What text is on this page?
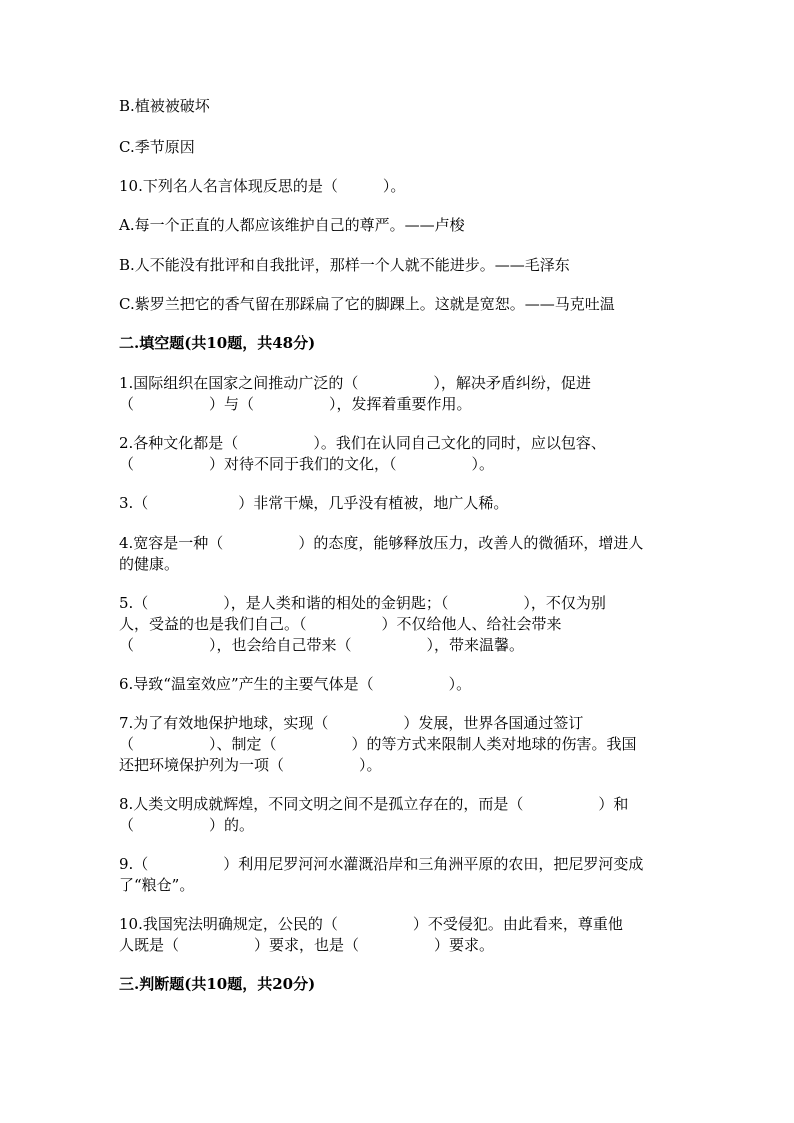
B.植被被破坏
C.季节原因
10.下列名人名言体现反思的是（　　　）。
A.每一个正直的人都应该维护自己的尊严。——卢梭
B.人不能没有批评和自我批评，那样一个人就不能进步。——毛泽东
C.紫罗兰把它的香气留在那踩扁了它的脚踝上。这就是宽恕。——马克吐温
二.填空题(共10题，共48分)
1.国际组织在国家之间推动广泛的（　　　　　），解决矛盾纠纷，促进
（　　　　　）与（　　　　　），发挥着重要作用。
2.各种文化都是（　　　　　）。我们在认同自己文化的同时，应以包容、
（　　　　　）对待不同于我们的文化，（　　　　　）。
3.（　　　　　　）非常干燥，几乎没有植被，地广人稀。
4.宽容是一种（　　　　　）的态度，能够释放压力，改善人的微循环，增进人
的健康。
5.（　　　　　），是人类和谐的相处的金钥匙；（　　　　　），不仅为别
人，受益的也是我们自己。（　　　　　）不仅给他人、给社会带来
（　　　　　），也会给自己带来（　　　　　），带来温馨。
6.导致“温室效应”产生的主要气体是（　　　　　）。
7.为了有效地保护地球，实现（　　　　　）发展，世界各国通过签订
（　　　　　）、制定（　　　　　）的等方式来限制人类对地球的伤害。我国
还把环境保护列为一项（　　　　　）。
8.人类文明成就辉煌，不同文明之间不是孤立存在的，而是（　　　　　）和
（　　　　　）的。
9.（　　　　　）利用尼罗河河水灌溉沿岸和三角洲平原的农田，把尼罗河变成
了“粮仓”。
10.我国宪法明确规定，公民的（　　　　　）不受侵犯。由此看来，尊重他
人既是（　　　　　）要求，也是（　　　　　）要求。
三.判断题(共10题，共20分)
